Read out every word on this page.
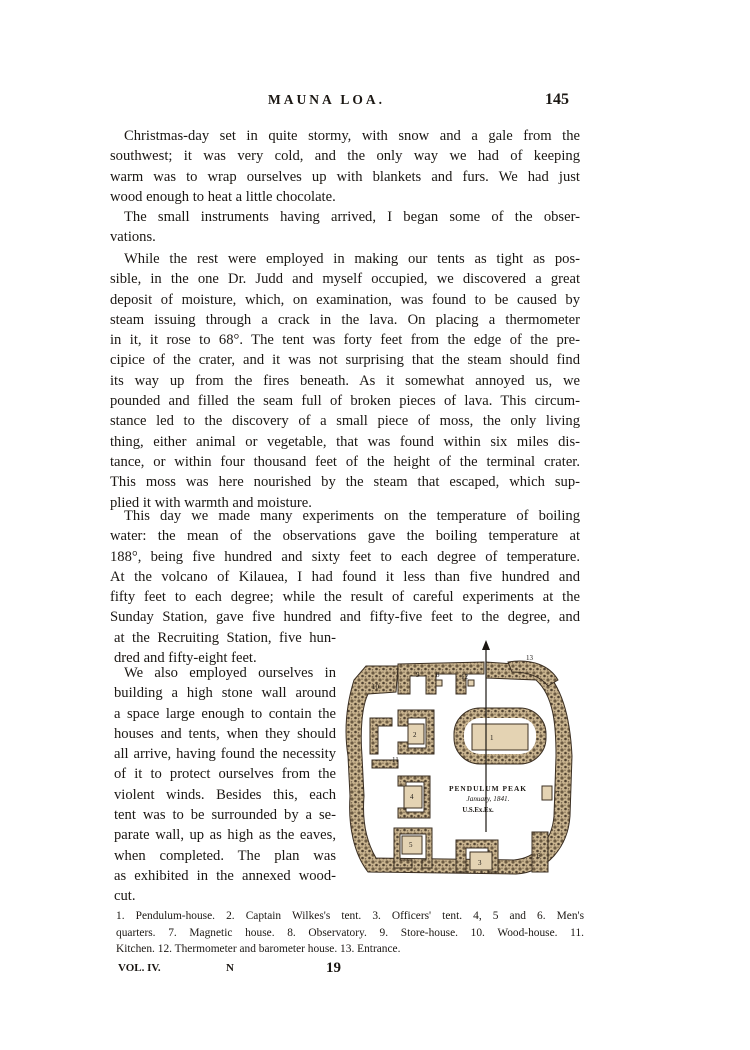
MAUNA LOA.	145
Christmas-day set in quite stormy, with snow and a gale from the
southwest; it was very cold, and the only way we had of keeping
warm was to wrap ourselves up with blankets and furs. We had just
wood enough to heat a little chocolate.
The small instruments having arrived, I began some of the obser-
vations.
While the rest were employed in making our tents as tight as pos-
sible, in the one Dr. Judd and myself occupied, we discovered a great
deposit of moisture, which, on examination, was found to be caused by
steam issuing through a crack in the lava. On placing a thermometer
in it, it rose to 68°. The tent was forty feet from the edge of the pre-
cipice of the crater, and it was not surprising that the steam should find
its way up from the fires beneath. As it somewhat annoyed us, we
pounded and filled the seam full of broken pieces of lava. This circum-
stance led to the discovery of a small piece of moss, the only living
thing, either animal or vegetable, that was found within six miles dis-
tance, or within four thousand feet of the height of the terminal crater.
This moss was here nourished by the steam that escaped, which sup-
plied it with warmth and moisture.
This day we made many experiments on the temperature of boiling
water: the mean of the observations gave the boiling temperature at
188°, being five hundred and sixty feet to each degree of temperature.
At the volcano of Kilauea, I had found it less than five hundred and
fifty feet to each degree; while the result of careful experiments at the
Sunday Station, gave five hundred and fifty-five feet to the degree, and
at the Recruiting Station, five hun-
dred and fifty-eight feet.
We also employed ourselves in
building a high stone wall around
a space large enough to contain the
houses and tents, when they should
all arrive, having found the necessity
of it to protect ourselves from the
violent winds. Besides this, each
tent was to be surrounded by a se-
parate wall, up as high as the eaves,
when completed. The plan was
as exhibited in the annexed wood-
cut.
1
2
3
4
5
6
7
8
9
10
11
12
13
PENDULUM PEAK
January, 1841.
U.S.Ex.Ex.
1. Pendulum-house. 2. Captain Wilkes's tent. 3. Officers' tent. 4, 5 and 6. Men's
quarters. 7. Magnetic house. 8. Observatory. 9. Store-house. 10. Wood-house. 11.
Kitchen. 12. Thermometer and barometer house. 13. Entrance.
VOL. IV.	N	19
